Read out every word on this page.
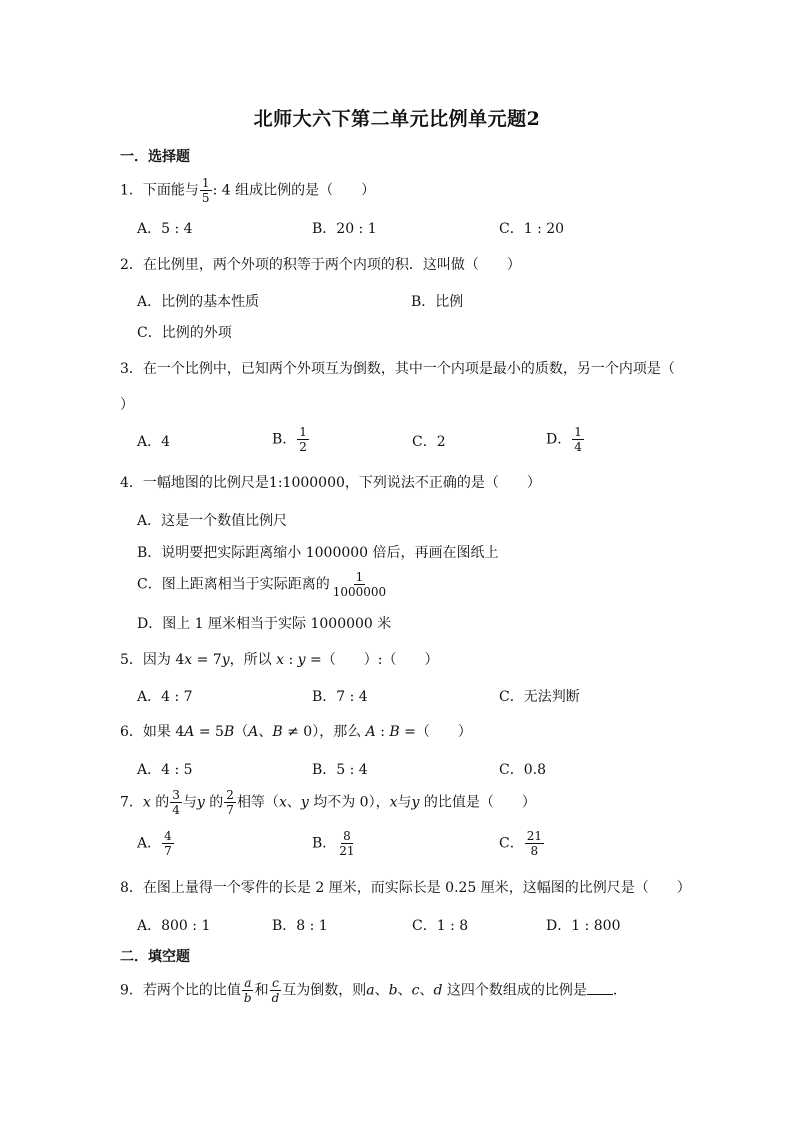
北师大六下第二单元比例单元题2
一．选择题
1．下面能与 $\frac{1}{5}$ : 4 组成比例的是（　　）
A．5 : 4	B．20 : 1	C．1 : 20
2．在比例里，两个外项的积等于两个内项的积．这叫做（　　）
A．比例的基本性质	B．比例
C．比例的外项
3．在一个比例中，已知两个外项互为倒数，其中一个内项是最小的质数，另一个内项是（
）
A．4	B． $\frac{1}{2}$	C．2	D． $\frac{1}{4}$
4．一幅地图的比例尺是1:1000000，下列说法不正确的是（　　）
A．这是一个数值比例尺
B．说明要把实际距离缩小 1000000 倍后，再画在图纸上
C．图上距离相当于实际距离的 $\frac{1}{1000000}$
D．图上 1 厘米相当于实际 1000000 米
5．因为 4x = 7y，所以 x : y =（　　）:（　　）
A．4 : 7	B．7 : 4	C．无法判断
6．如果 4A = 5B（A、B ≠ 0），那么 A : B =（　　）
A．4 : 5	B．5 : 4	C．0.8
7．x 的 $\frac{3}{4}$ 与y 的 $\frac{2}{7}$ 相等（x、y 均不为 0），x与y 的比值是（　　）
A． $\frac{4}{7}$	B． $\frac{8}{21}$	C． $\frac{21}{8}$
8．在图上量得一个零件的长是 2 厘米，而实际长是 0.25 厘米，这幅图的比例尺是（　　）
A．800 : 1	B．8 : 1	C．1 : 8	D．1 : 800
二．填空题
9．若两个比的比值 $\frac{a}{b}$ 和 $\frac{c}{d}$ 互为倒数，则a、b、c、d 这四个数组成的比例是 .
